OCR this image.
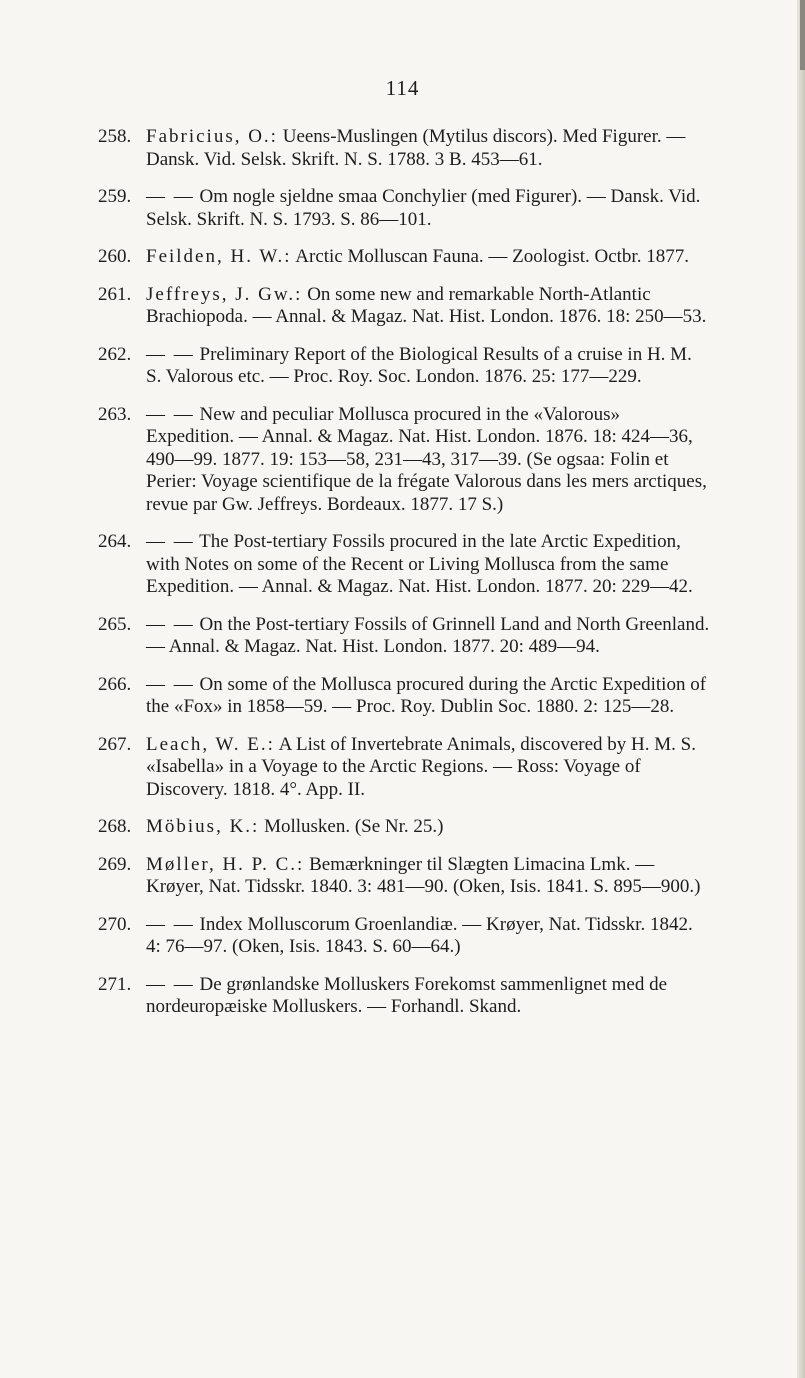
114
258. Fabricius, O.: Ueens-Muslingen (Mytilus discors). Med Figurer. — Dansk. Vid. Selsk. Skrift. N. S. 1788. 3 B. 453—61.
259. — — Om nogle sjeldne smaa Conchylier (med Figurer). — Dansk. Vid. Selsk. Skrift. N. S. 1793. S. 86—101.
260. Feilden, H. W.: Arctic Molluscan Fauna. — Zoologist. Octbr. 1877.
261. Jeffreys, J. Gw.: On some new and remarkable North-Atlantic Brachiopoda. — Annal. & Magaz. Nat. Hist. London. 1876. 18: 250—53.
262. — — Preliminary Report of the Biological Results of a cruise in H. M. S. Valorous etc. — Proc. Roy. Soc. London. 1876. 25: 177—229.
263. — — New and peculiar Mollusca procured in the «Valorous» Expedition. — Annal. & Magaz. Nat. Hist. London. 1876. 18: 424—36, 490—99. 1877. 19: 153—58, 231—43, 317—39. (Se ogsaa: Folin et Perier: Voyage scientifique de la frégate Valorous dans les mers arctiques, revue par Gw. Jeffreys. Bordeaux. 1877. 17 S.)
264. — — The Post-tertiary Fossils procured in the late Arctic Expedition, with Notes on some of the Recent or Living Mollusca from the same Expedition. — Annal. & Magaz. Nat. Hist. London. 1877. 20: 229—42.
265. — — On the Post-tertiary Fossils of Grinnell Land and North Greenland. — Annal. & Magaz. Nat. Hist. London. 1877. 20: 489—94.
266. — — On some of the Mollusca procured during the Arctic Expedition of the «Fox» in 1858—59. — Proc. Roy. Dublin Soc. 1880. 2: 125—28.
267. Leach, W. E.: A List of Invertebrate Animals, discovered by H. M. S. «Isabella» in a Voyage to the Arctic Regions. — Ross: Voyage of Discovery. 1818. 4°. App. II.
268. Möbius, K.: Mollusken. (Se Nr. 25.)
269. Møller, H. P. C.: Bemærkninger til Slægten Limacina Lmk. — Krøyer, Nat. Tidsskr. 1840. 3: 481—90. (Oken, Isis. 1841. S. 895—900.)
270. — — Index Molluscorum Groenlandiæ. — Krøyer, Nat. Tidsskr. 1842. 4: 76—97. (Oken, Isis. 1843. S. 60—64.)
271. — — De grønlandske Molluskers Forekomst sammenlignet med de nordeuropæiske Molluskers. — Forhandl. Skand.
